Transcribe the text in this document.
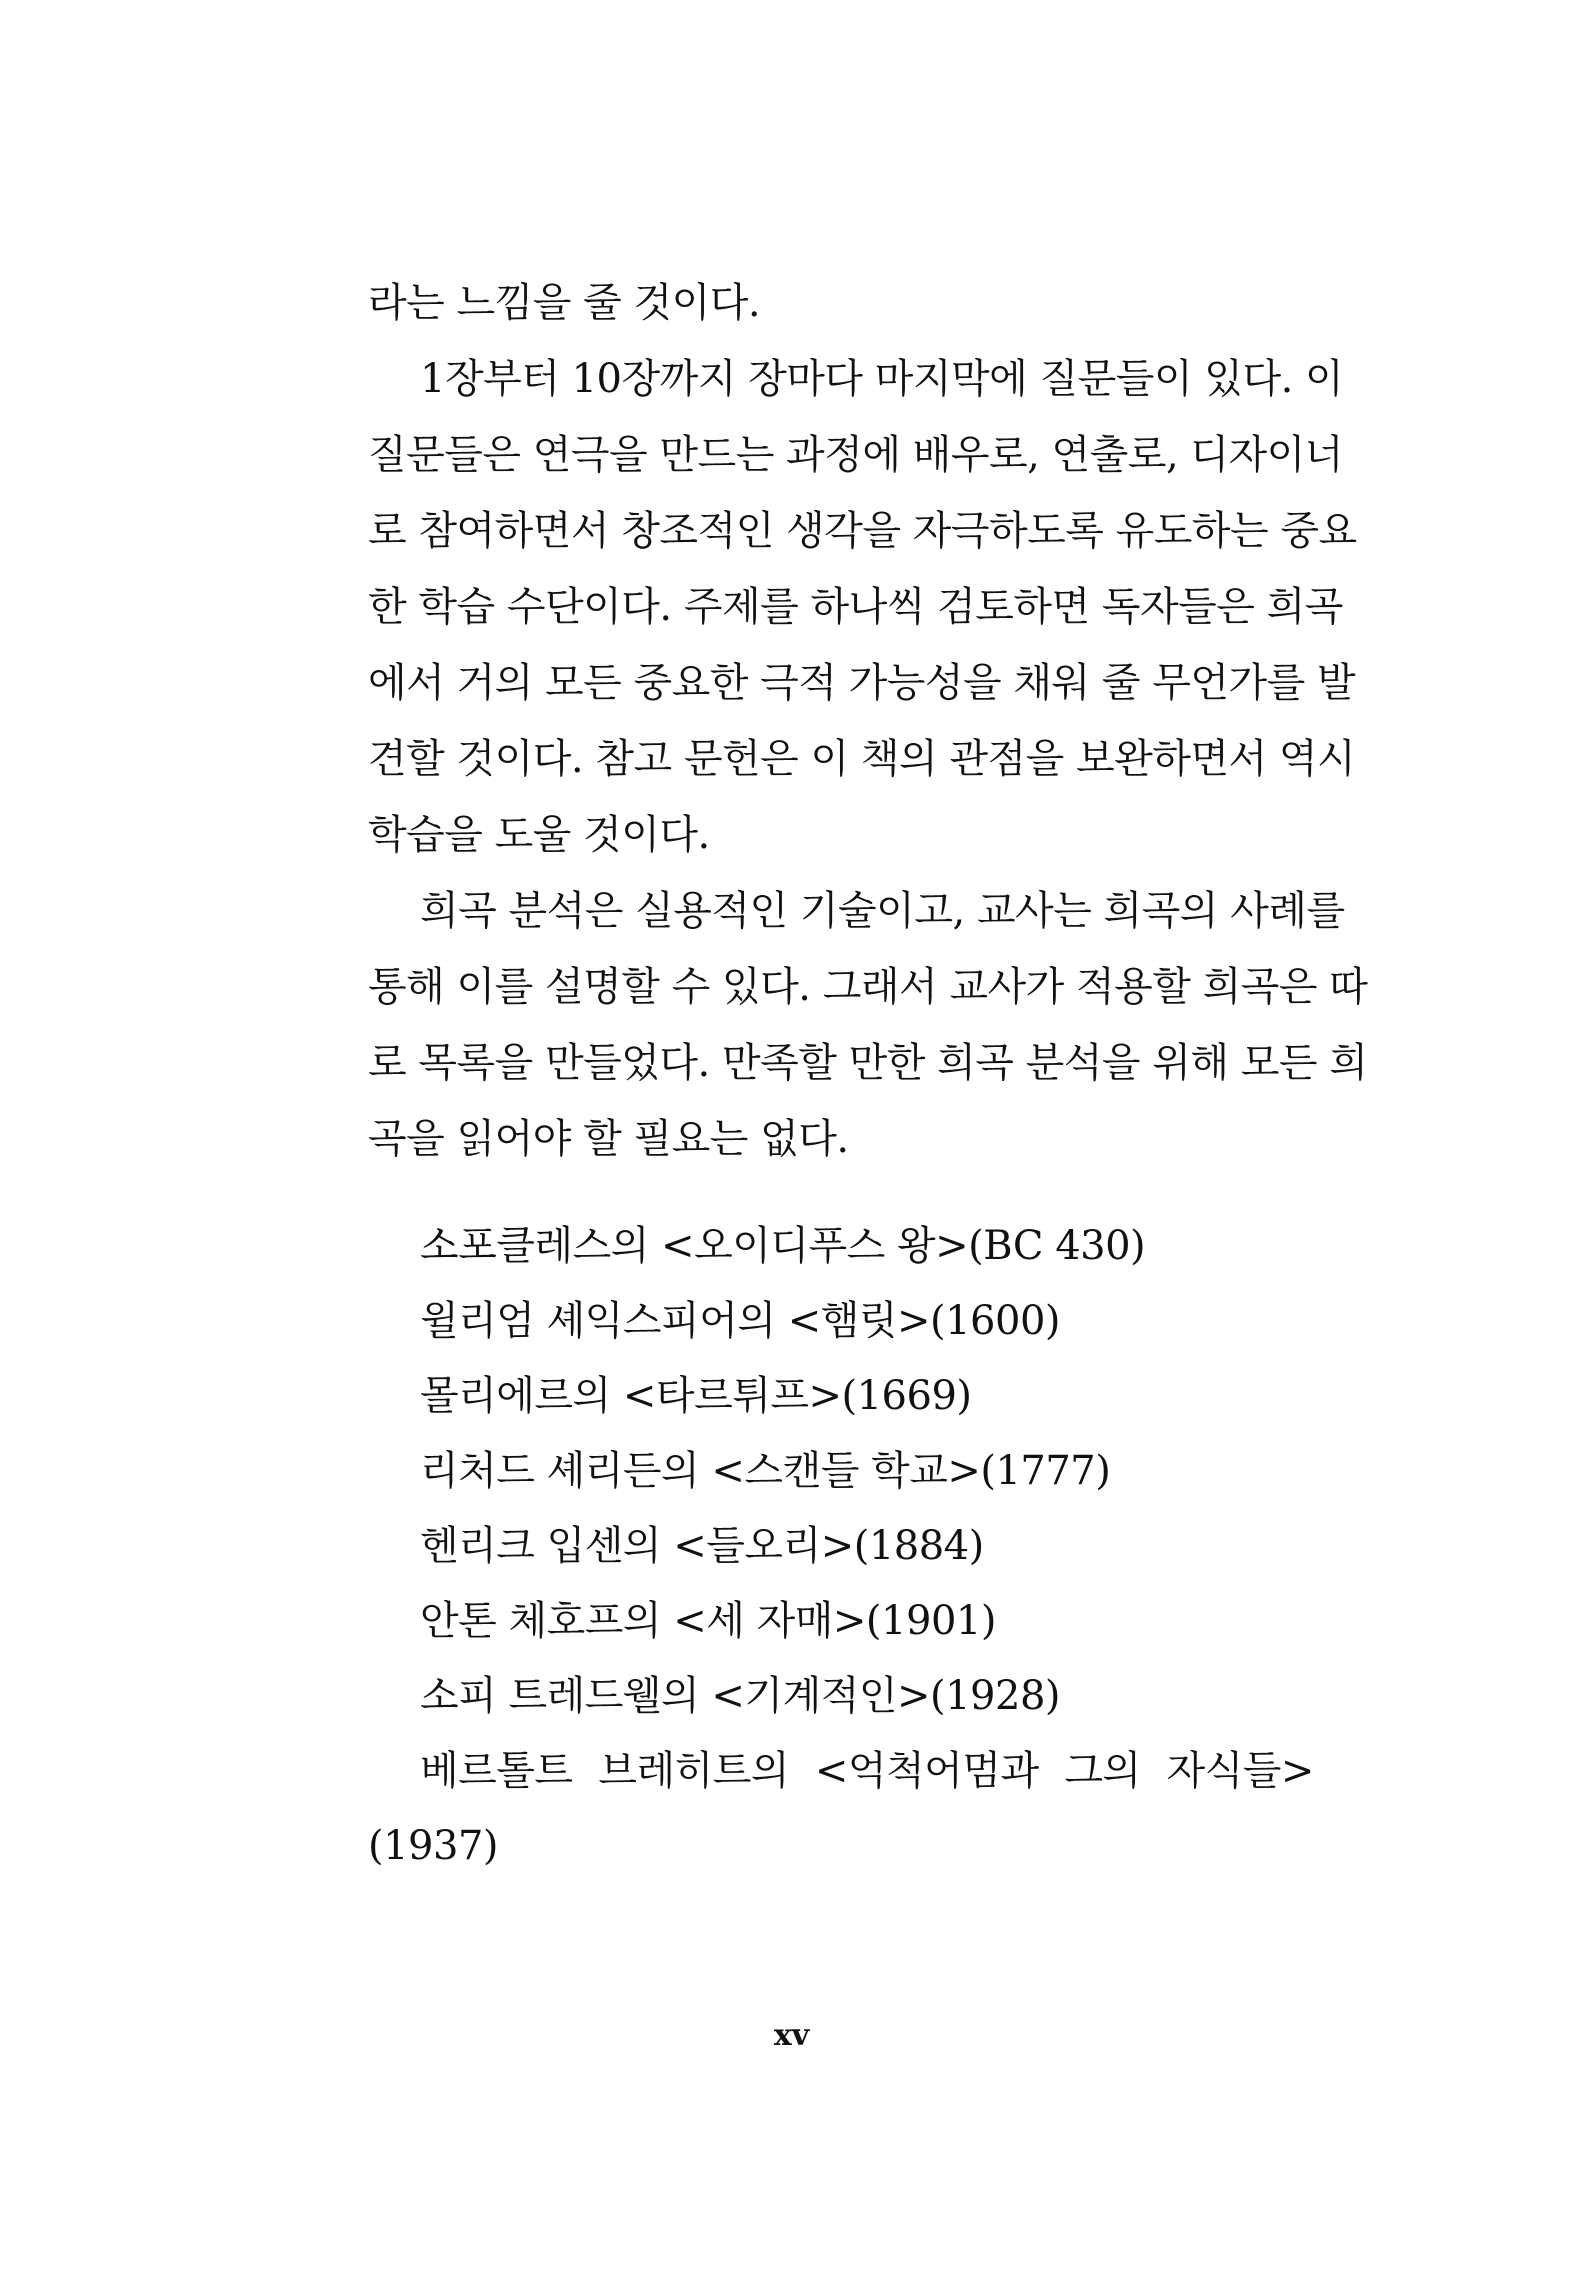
라는 느낌을 줄 것이다.
1장부터 10장까지 장마다 마지막에 질문들이 있다. 이
질문들은 연극을 만드는 과정에 배우로, 연출로, 디자이너
로 참여하면서 창조적인 생각을 자극하도록 유도하는 중요
한 학습 수단이다. 주제를 하나씩 검토하면 독자들은 희곡
에서 거의 모든 중요한 극적 가능성을 채워 줄 무언가를 발
견할 것이다. 참고 문헌은 이 책의 관점을 보완하면서 역시
학습을 도울 것이다.
희곡 분석은 실용적인 기술이고, 교사는 희곡의 사례를
통해 이를 설명할 수 있다. 그래서 교사가 적용할 희곡은 따
로 목록을 만들었다. 만족할 만한 희곡 분석을 위해 모든 희
곡을 읽어야 할 필요는 없다.
소포클레스의 <오이디푸스 왕>(BC 430)
윌리엄 셰익스피어의 <햄릿>(1600)
몰리에르의 <타르튀프>(1669)
리처드 셰리든의 <스캔들 학교>(1777)
헨리크 입센의 <들오리>(1884)
안톤 체호프의 <세 자매>(1901)
소피 트레드웰의 <기계적인>(1928)
베르톨트 브레히트의 <억척어멈과 그의 자식들>
(1937)
xv
